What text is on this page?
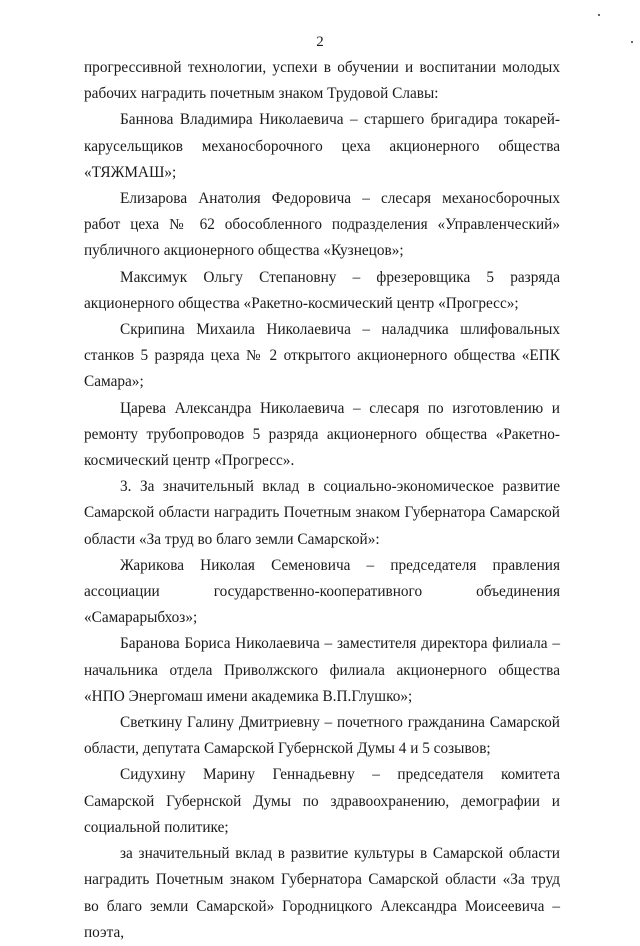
2

прогрессивной технологии, успехи в обучении и воспитании молодых рабочих наградить почетным знаком Трудовой Славы:

Баннова Владимира Николаевича – старшего бригадира токарей-карусельщиков механосборочного цеха акционерного общества «ТЯЖМАШ»;

Елизарова Анатолия Федоровича – слесаря механосборочных работ цеха № 62 обособленного подразделения «Управленческий» публичного акционерного общества «Кузнецов»;

Максимук Ольгу Степановну – фрезеровщика 5 разряда акционерного общества «Ракетно-космический центр «Прогресс»;

Скрипина Михаила Николаевича – наладчика шлифовальных станков 5 разряда цеха № 2 открытого акционерного общества «ЕПК Самара»;

Царева Александра Николаевича – слесаря по изготовлению и ремонту трубопроводов 5 разряда акционерного общества «Ракетно-космический центр «Прогресс».

3. За значительный вклад в социально-экономическое развитие Самарской области наградить Почетным знаком Губернатора Самарской области «За труд во благо земли Самарской»:

Жарикова Николая Семеновича – председателя правления ассоциации государственно-кооперативного объединения «Самарарыбхоз»;

Баранова Бориса Николаевича – заместителя директора филиала – начальника отдела Приволжского филиала акционерного общества «НПО Энергомаш имени академика В.П.Глушко»;

Светкину Галину Дмитриевну – почетного гражданина Самарской области, депутата Самарской Губернской Думы 4 и 5 созывов;

Сидухину Марину Геннадьевну – председателя комитета Самарской Губернской Думы по здравоохранению, демографии и социальной политике;

за значительный вклад в развитие культуры в Самарской области наградить Почетным знаком Губернатора Самарской области «За труд во благо земли Самарской» Городницкого Александра Моисеевича – поэта,
